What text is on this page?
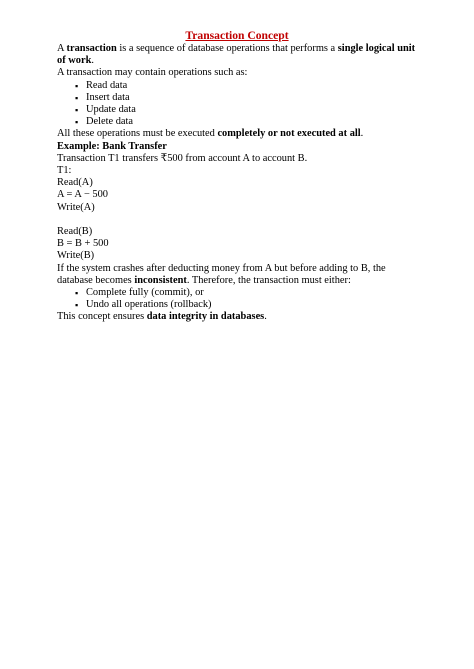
Transaction Concept
A transaction is a sequence of database operations that performs a single logical unit of work.
A transaction may contain operations such as:
▪ Read data
▪ Insert data
▪ Update data
▪ Delete data
All these operations must be executed completely or not executed at all.
Example: Bank Transfer
Transaction T1 transfers ₹500 from account A to account B.
T1:
Read(A)
A = A − 500
Write(A)
Read(B)
B = B + 500
Write(B)
If the system crashes after deducting money from A but before adding to B, the database becomes inconsistent. Therefore, the transaction must either:
▪ Complete fully (commit), or
▪ Undo all operations (rollback)
This concept ensures data integrity in databases.
